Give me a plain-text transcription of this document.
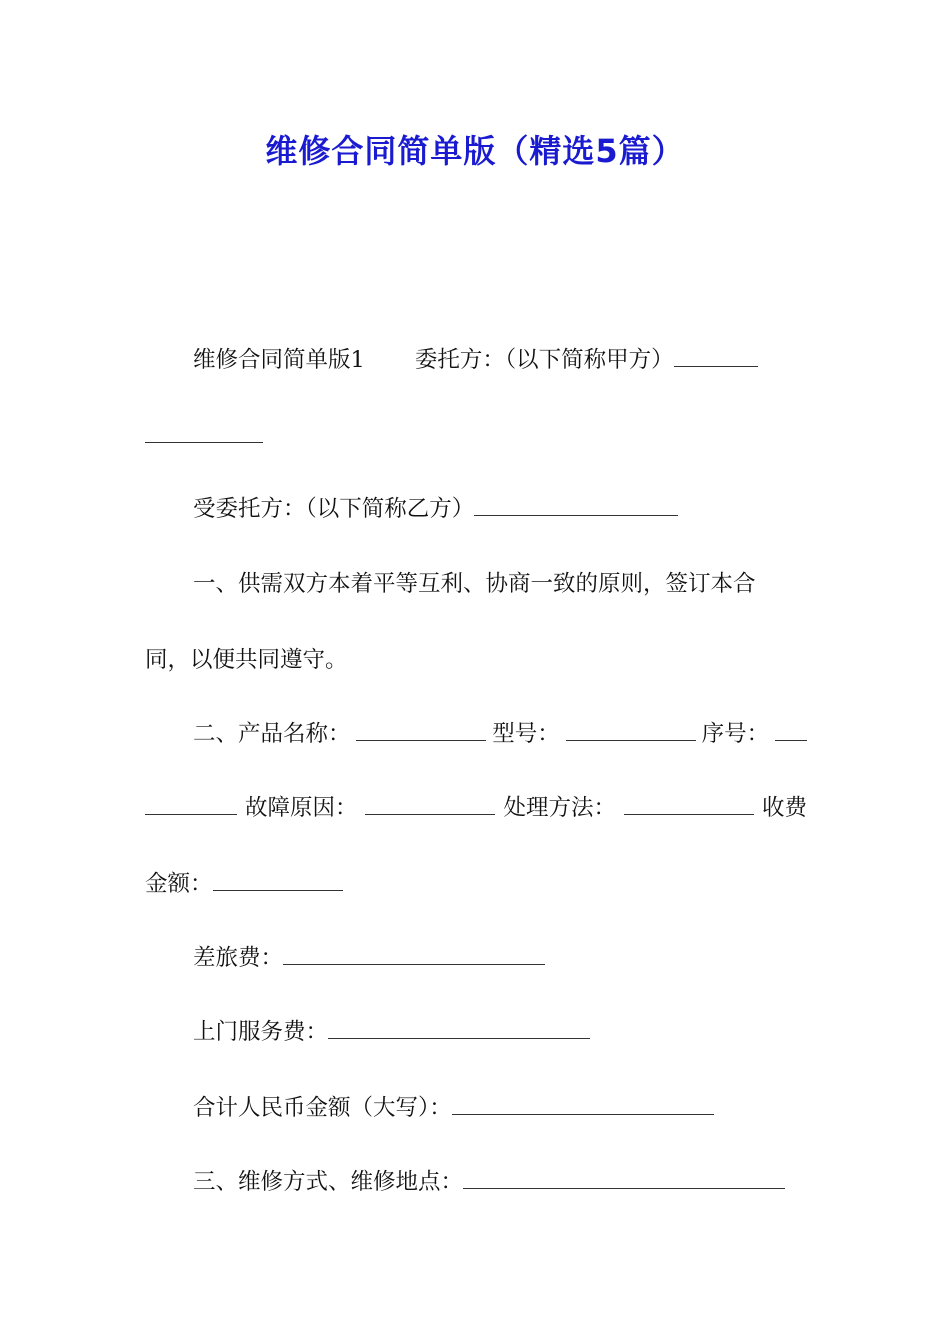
维修合同简单版（精选5篇）
维修合同简单版1 委托方：（以下简称甲方）
受委托方：（以下简称乙方）
一、供需双方本着平等互利、协商一致的原则，签订本合
同，以便共同遵守。
二、产品名称：	型号：	序号：
故障原因：	处理方法：	收费
金额：
差旅费：
上门服务费：
合计人民币金额（大写）：
三、维修方式、维修地点：
